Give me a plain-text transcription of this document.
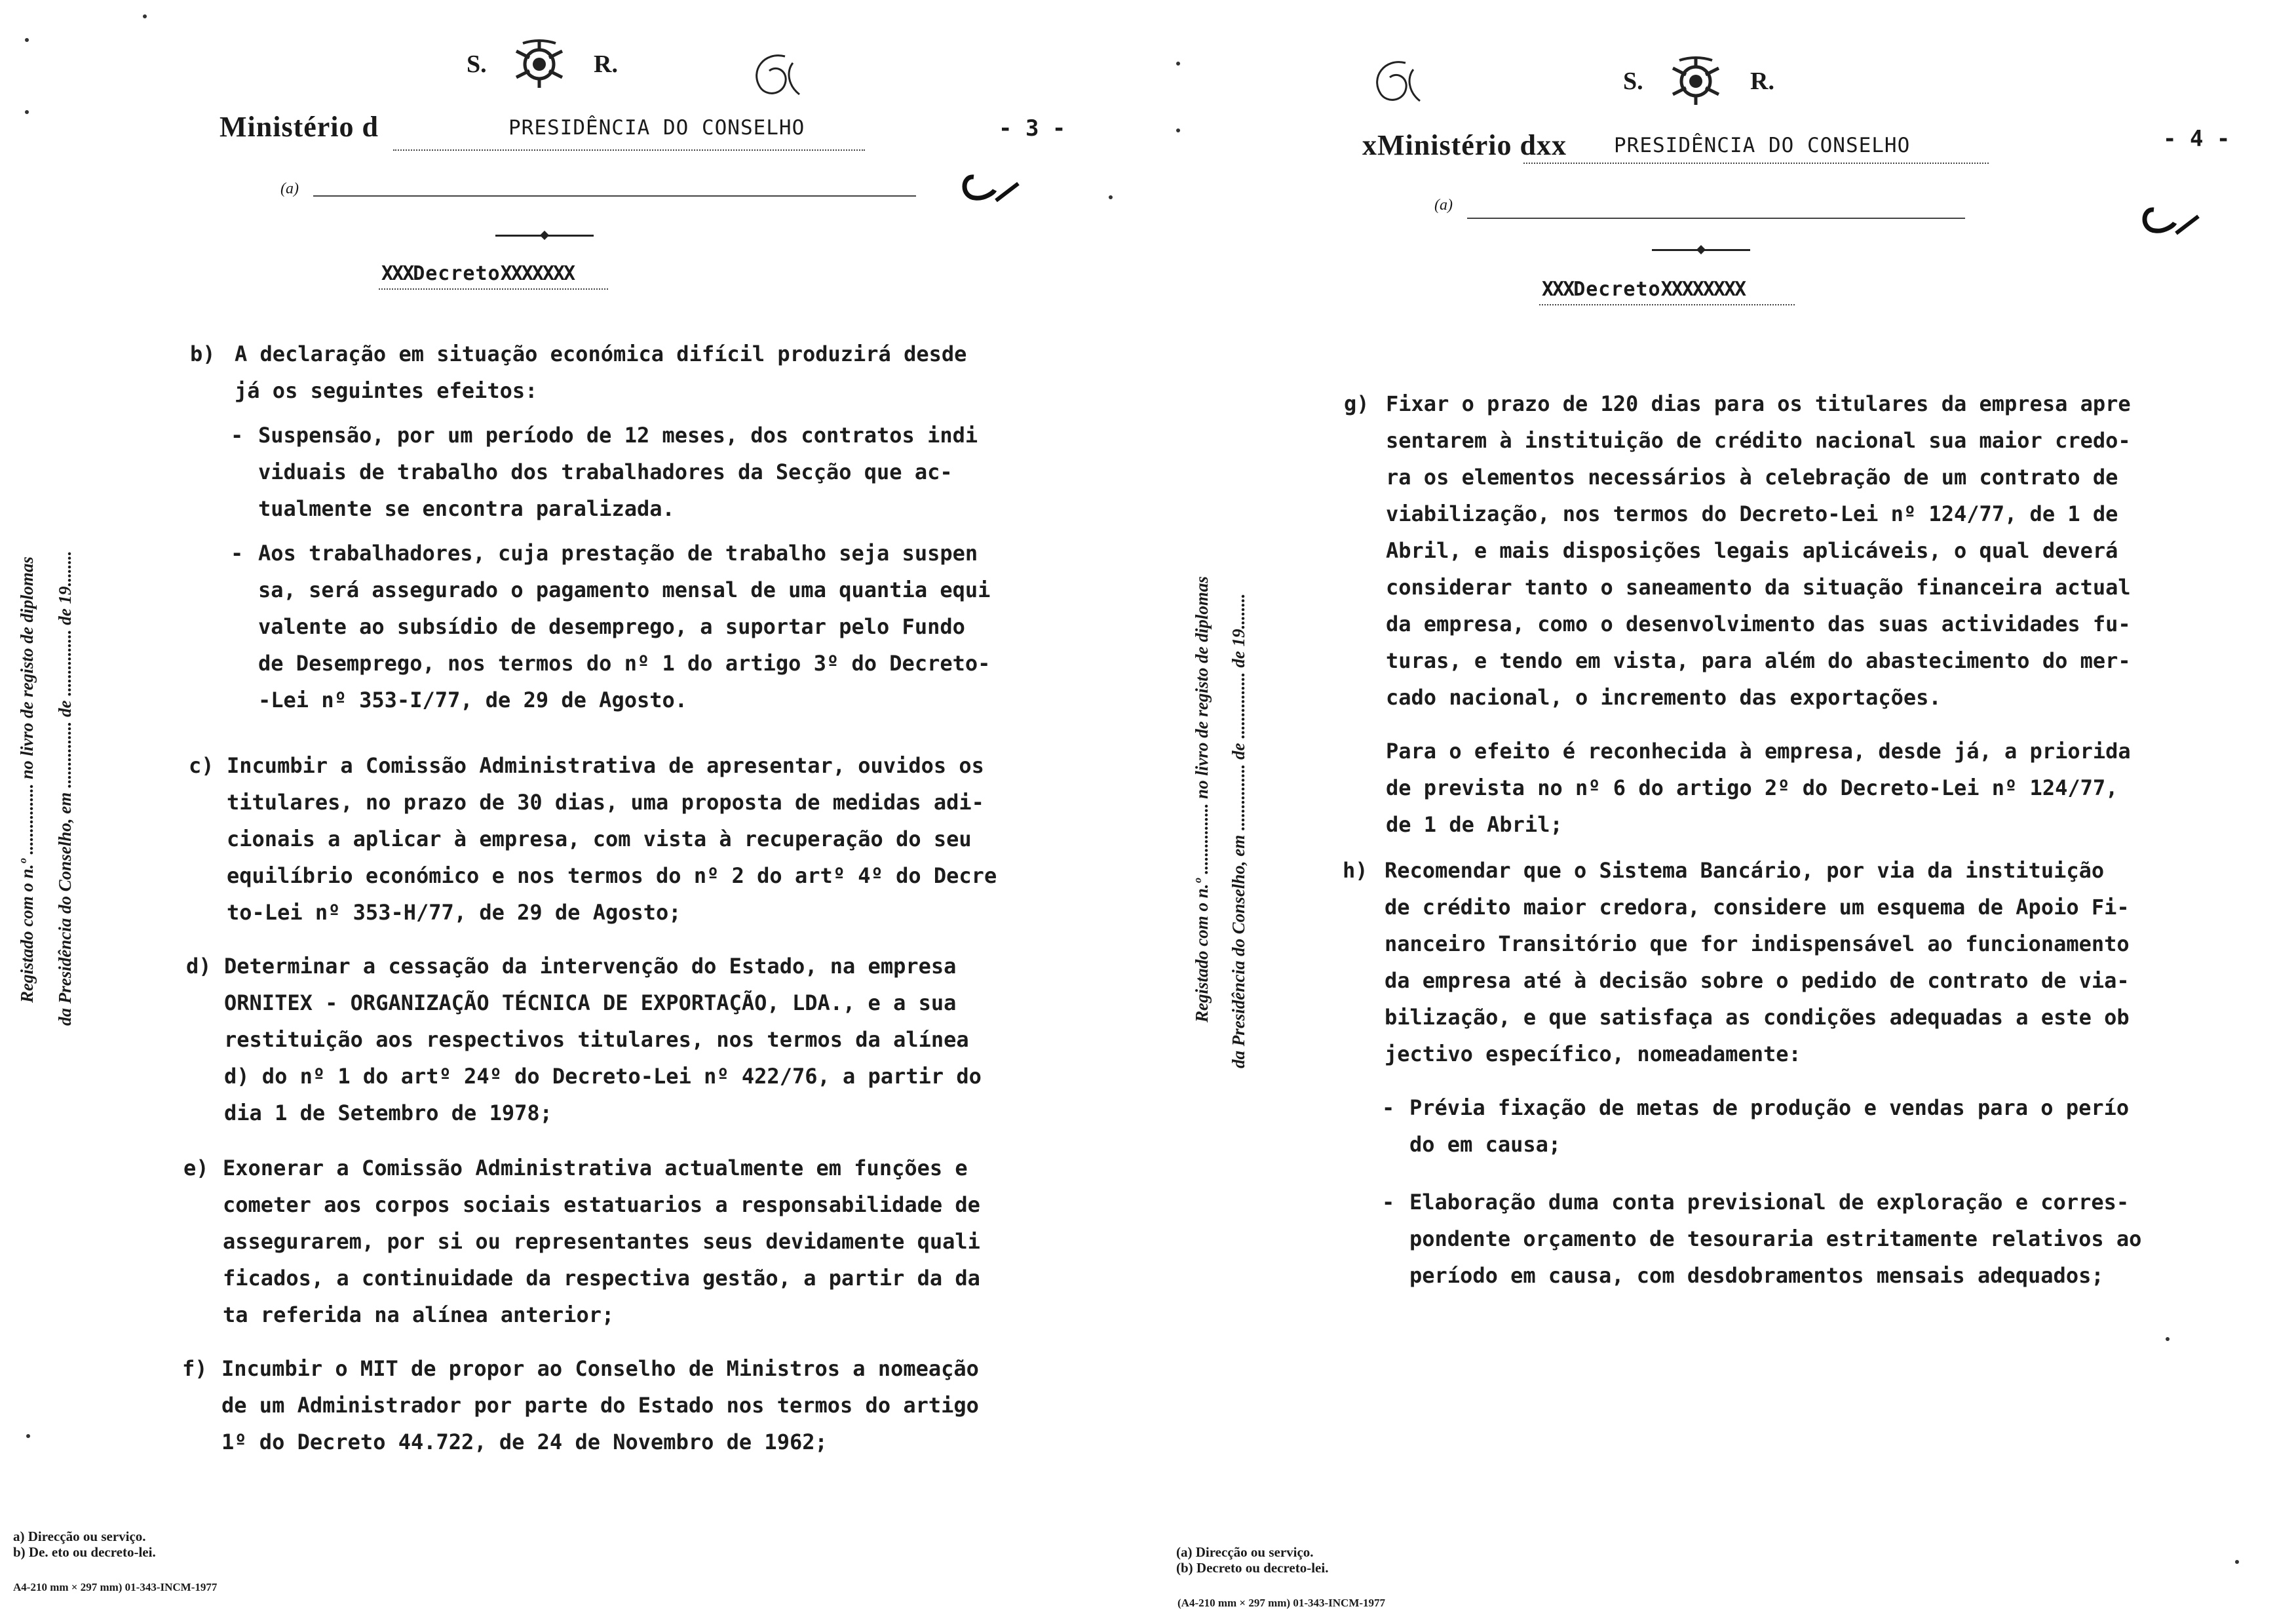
S.	R.
Ministério d	PRESIDÊNCIA DO CONSELHO	- 3 -
(a)
XXXDecretoXXXXXXX
Registado com o n.º ................ no livro de registo de diplomas da Presidência do Conselho, em ............... de ............... de 19........
b) A declaração em situação económica difícil produzirá desde
já os seguintes efeitos:
- Suspensão, por um período de 12 meses, dos contratos indi
viduais de trabalho dos trabalhadores da Secção que ac-
tualmente se encontra paralizada.
- Aos trabalhadores, cuja prestação de trabalho seja suspen
sa, será assegurado o pagamento mensal de uma quantia equi
valente ao subsídio de desemprego, a suportar pelo Fundo
de Desemprego, nos termos do nº 1 do artigo 3º do Decreto-
-Lei nº 353-I/77, de 29 de Agosto.
c) Incumbir a Comissão Administrativa de apresentar, ouvidos os
titulares, no prazo de 30 dias, uma proposta de medidas adi-
cionais a aplicar à empresa, com vista à recuperação do seu
equilíbrio económico e nos termos do nº 2 do artº 4º do Decre
to-Lei nº 353-H/77, de 29 de Agosto;
d) Determinar a cessação da intervenção do Estado, na empresa
ORNITEX - ORGANIZAÇÃO TÉCNICA DE EXPORTAÇÃO, LDA., e a sua
restituição aos respectivos titulares, nos termos da alínea
d) do nº 1 do artº 24º do Decreto-Lei nº 422/76, a partir do
dia 1 de Setembro de 1978;
e) Exonerar a Comissão Administrativa actualmente em funções e
cometer aos corpos sociais estatuarios a responsabilidade de
assegurarem, por si ou representantes seus devidamente quali
ficados, a continuidade da respectiva gestão, a partir da da
ta referida na alínea anterior;
f) Incumbir o MIT de propor ao Conselho de Ministros a nomeação
de um Administrador por parte do Estado nos termos do artigo
1º do Decreto 44.722, de 24 de Novembro de 1962;
a) Direcção ou serviço.
b) De. eto ou decreto-lei.
A4-210 mm × 297 mm) 01-343-INCM-1977
S.	R.
xMinistério dxx PRESIDÊNCIA DO CONSELHO	- 4 -
(a)
XXXDecretoXXXXXXXX
Registado com o n.º ................ no livro de registo de diplomas da Presidência do Conselho, em ............... de ............... de 19........
g) Fixar o prazo de 120 dias para os titulares da empresa apre
sentarem à instituição de crédito nacional sua maior credo-
ra os elementos necessários à celebração de um contrato de
viabilização, nos termos do Decreto-Lei nº 124/77, de 1 de
Abril, e mais disposições legais aplicáveis, o qual deverá
considerar tanto o saneamento da situação financeira actual
da empresa, como o desenvolvimento das suas actividades fu-
turas, e tendo em vista, para além do abastecimento do mer-
cado nacional, o incremento das exportações.
Para o efeito é reconhecida à empresa, desde já, a priorida
de prevista no nº 6 do artigo 2º do Decreto-Lei nº 124/77,
de 1 de Abril;
h) Recomendar que o Sistema Bancário, por via da instituição
de crédito maior credora, considere um esquema de Apoio Fi-
nanceiro Transitório que for indispensável ao funcionamento
da empresa até à decisão sobre o pedido de contrato de via-
bilização, e que satisfaça as condições adequadas a este ob
jectivo específico, nomeadamente:
- Prévia fixação de metas de produção e vendas para o perío
do em causa;
- Elaboração duma conta previsional de exploração e corres-
pondente orçamento de tesouraria estritamente relativos ao
período em causa, com desdobramentos mensais adequados;
(a) Direcção ou serviço.
(b) Decreto ou decreto-lei.
(A4-210 mm × 297 mm) 01-343-INCM-1977
